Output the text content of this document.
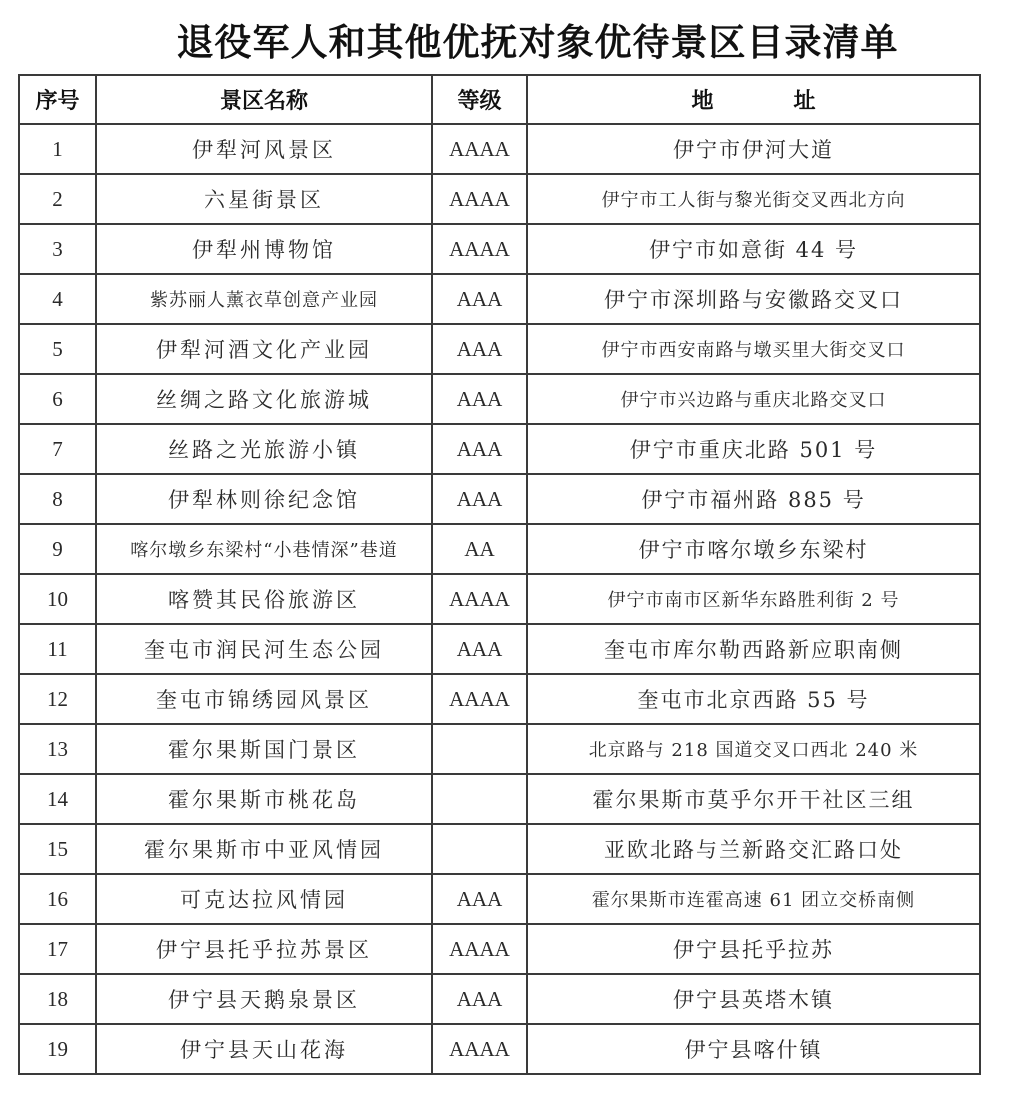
退役军人和其他优抚对象优待景区目录清单
序号	景区名称	等级	地 址
1	伊犁河风景区	AAAA	伊宁市伊河大道
2	六星街景区	AAAA	伊宁市工人街与黎光街交叉西北方向
3	伊犁州博物馆	AAAA	伊宁市如意街 44 号
4	紫苏丽人薰衣草创意产业园	AAA	伊宁市深圳路与安徽路交叉口
5	伊犁河酒文化产业园	AAA	伊宁市西安南路与墩买里大街交叉口
6	丝绸之路文化旅游城	AAA	伊宁市兴边路与重庆北路交叉口
7	丝路之光旅游小镇	AAA	伊宁市重庆北路 501 号
8	伊犁林则徐纪念馆	AAA	伊宁市福州路 885 号
9	喀尔墩乡东梁村“小巷情深”巷道	AA	伊宁市喀尔墩乡东梁村
10	喀赞其民俗旅游区	AAAA	伊宁市南市区新华东路胜利街 2 号
11	奎屯市润民河生态公园	AAA	奎屯市库尔勒西路新应职南侧
12	奎屯市锦绣园风景区	AAAA	奎屯市北京西路 55 号
13	霍尔果斯国门景区		北京路与 218 国道交叉口西北 240 米
14	霍尔果斯市桃花岛		霍尔果斯市莫乎尔开干社区三组
15	霍尔果斯市中亚风情园		亚欧北路与兰新路交汇路口处
16	可克达拉风情园	AAA	霍尔果斯市连霍高速 61 团立交桥南侧
17	伊宁县托乎拉苏景区	AAAA	伊宁县托乎拉苏
18	伊宁县天鹅泉景区	AAA	伊宁县英塔木镇
19	伊宁县天山花海	AAAA	伊宁县喀什镇
